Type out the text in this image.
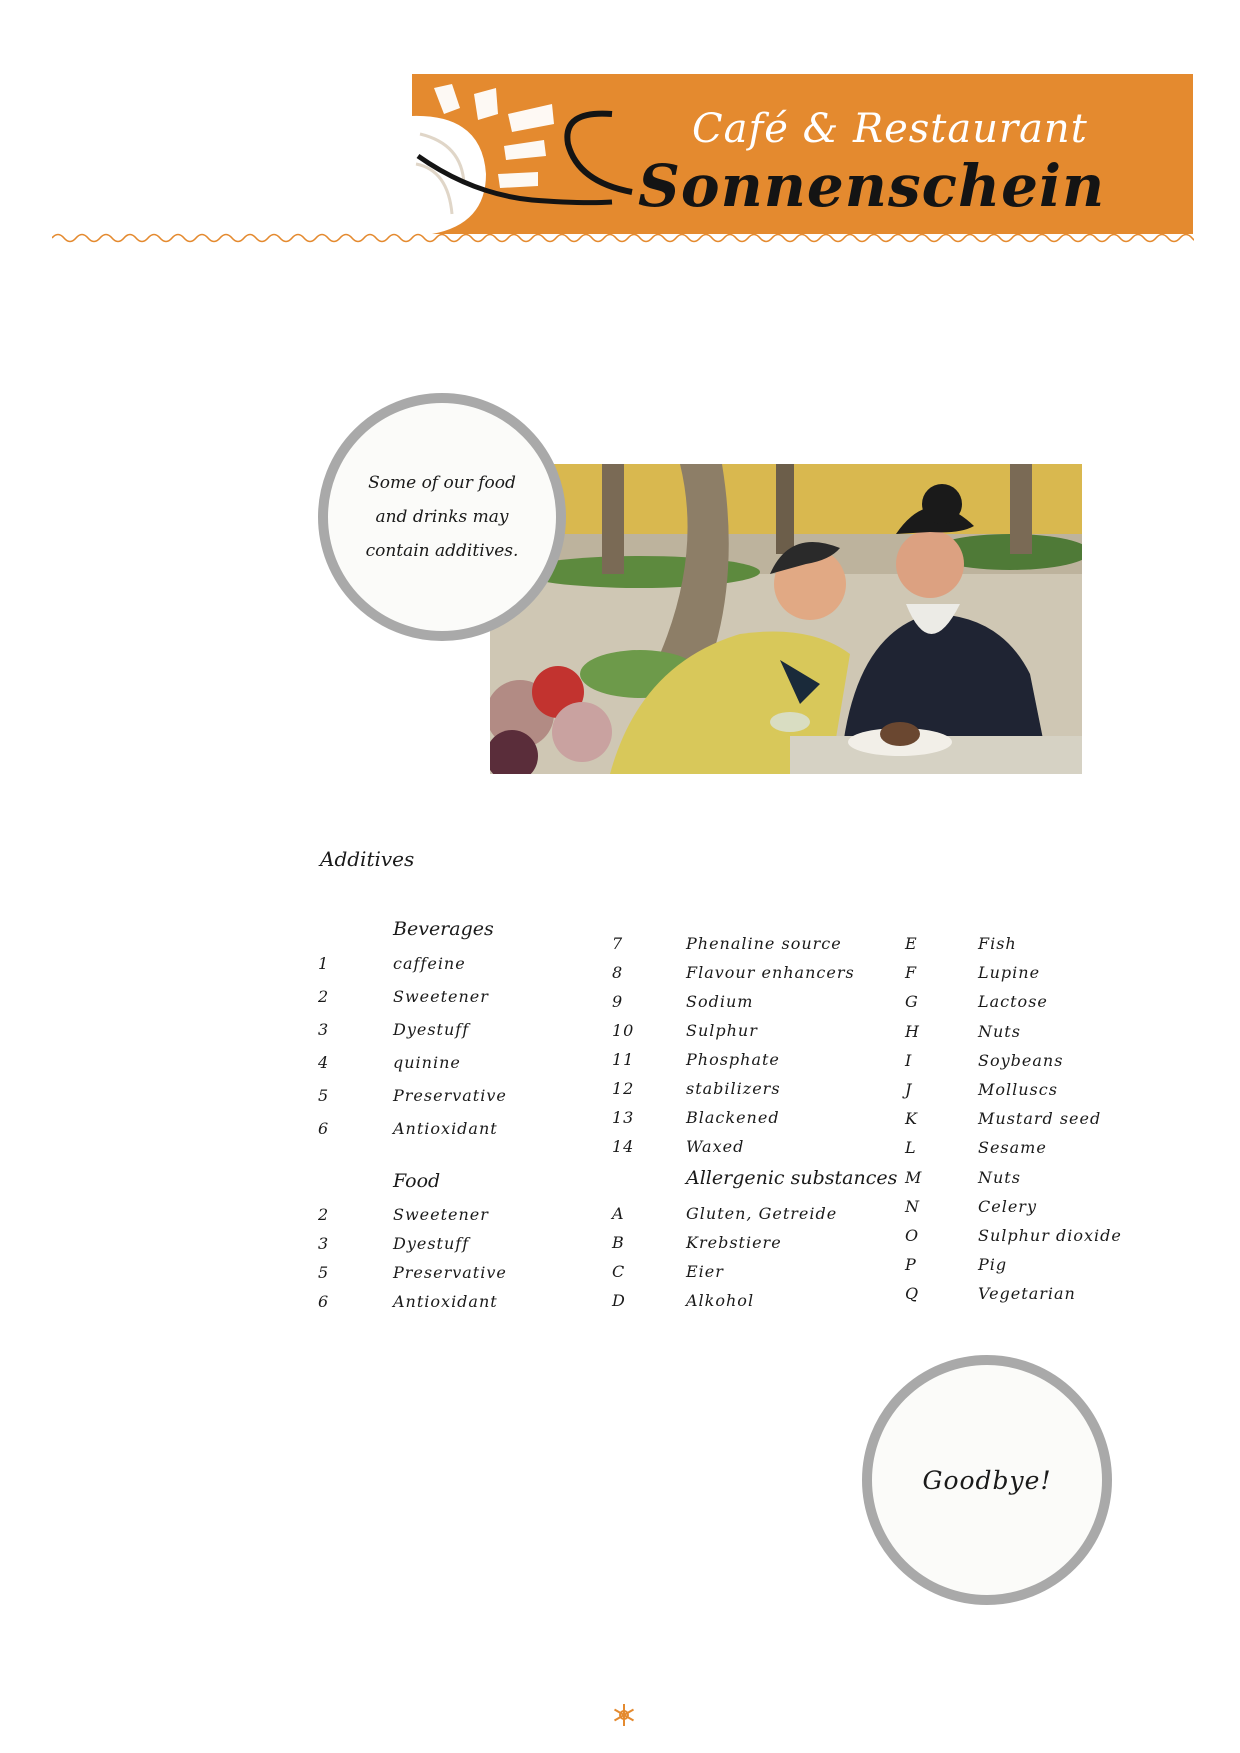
Café & Restaurant
Sonnenschein
Some of our food and drinks may contain additives.
Additives
Beverages
1	caffeine
2	Sweetener
3	Dyestuff
4	quinine
5	Preservative
6	Antioxidant
Food
2	Sweetener
3	Dyestuff
5	Preservative
6	Antioxidant
7	Phenaline source
8	Flavour enhancers
9	Sodium
10	Sulphur
11	Phosphate
12	stabilizers
13	Blackened
14	Waxed
Allergenic substances
A	Gluten, Getreide
B	Krebstiere
C	Eier
D	Alkohol
E	Fish
F	Lupine
G	Lactose
H	Nuts
I	Soybeans
J	Molluscs
K	Mustard seed
L	Sesame
M	Nuts
N	Celery
O	Sulphur dioxide
P	Pig
Q	Vegetarian
Goodbye!
